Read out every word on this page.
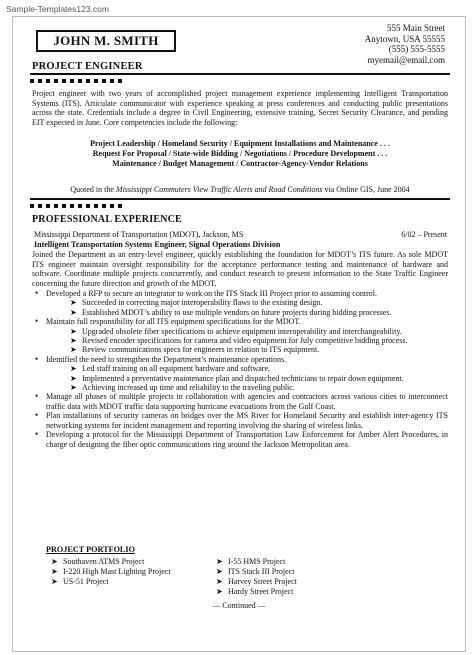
Sample-Templates123.com
JOHN M. SMITH
555 Main Street
Anytown, USA 55555
(555) 555-5555
myemail@email.com
PROJECT ENGINEER
Project engineer with two years of accomplished project management experience implementing Intelligent Transportation Systems (ITS). Articulate communicator with experience speaking at press conferences and conducting public presentations across the state. Credentials include a degree in Civil Engineering, extensive training, Secret Security Clearance, and pending EIT expected in June. Core competencies include the following:
Project Leadership / Homeland Security / Equipment Installations and Maintenance . . .
Request For Proposal / State-wide Bidding / Negotiations / Procedure Development . . .
Maintenance / Budget Management / Contractor-Agency-Vendor Relations
Quoted in the Mississippi Commuters View Traffic Alerts and Road Conditions via Online GIS, June 2004
PROFESSIONAL EXPERIENCE
Mississippi Department of Transportation (MDOT), Jackson, MS	6/02 – Present
Intelligent Transportation Systems Engineer, Signal Operations Division
Joined the Department as an entry-level engineer, quickly establishing the foundation for MDOT’s ITS future. As sole MDOT ITS engineer maintain oversight responsibility for the acceptance performance testing and maintenance of hardware and software. Coordinate multiple projects concurrently, and conduct research to present information to the State Traffic Engineer concerning the future direction and growth of the MDOT.
• Developed a RFP to secure an integrator to work on the ITS Stack III Project prior to assuming control.
➤ Succeeded in correcting major interoperability flaws to the existing design.
➤ Established MDOT’s ability to use multiple vendors on future projects during bidding processes.
• Maintain full responsibility for all ITS equipment specifications for the MDOT.
➤ Upgraded obsolete fiber specifications to achieve equipment interoperability and interchangeability.
➤ Revised encoder specifications for camera and video equipment for July competitive bidding process.
➤ Review communications specs for engineers in relation to ITS equipment.
• Identified the need to strengthen the Department’s maintenance operations.
➤ Led staff training on all equipment hardware and software.
➤ Implemented a preventative maintenance plan and dispatched technicians to repair down equipment.
➤ Achieving increased up time and reliability to the traveling public.
• Manage all phases of multiple projects in collaboration with agencies and contractors across various cities to interconnect traffic data with MDOT traffic data supporting hurricane evacuations from the Gulf Coast.
• Plan installations of security cameras on bridges over the MS River for Homeland Security and establish inter-agency ITS networking systems for incident management and reporting involving the sharing of wireless links.
• Developing a protocol for the Mississippi Department of Transportation Law Enforcement for Amber Alert Procedures, in charge of designing the fiber optic communications ring around the Jackson Metropolitan area.
PROJECT PORTFOLIO
➤ Southaven ATMS Project	➤ I-55 HMS Project
➤ I-220 High Mast Lighting Project	➤ ITS Stack III Project
➤ US-51 Project	➤ Harvey Street Project
➤ Hardy Street Project
— Continued —
